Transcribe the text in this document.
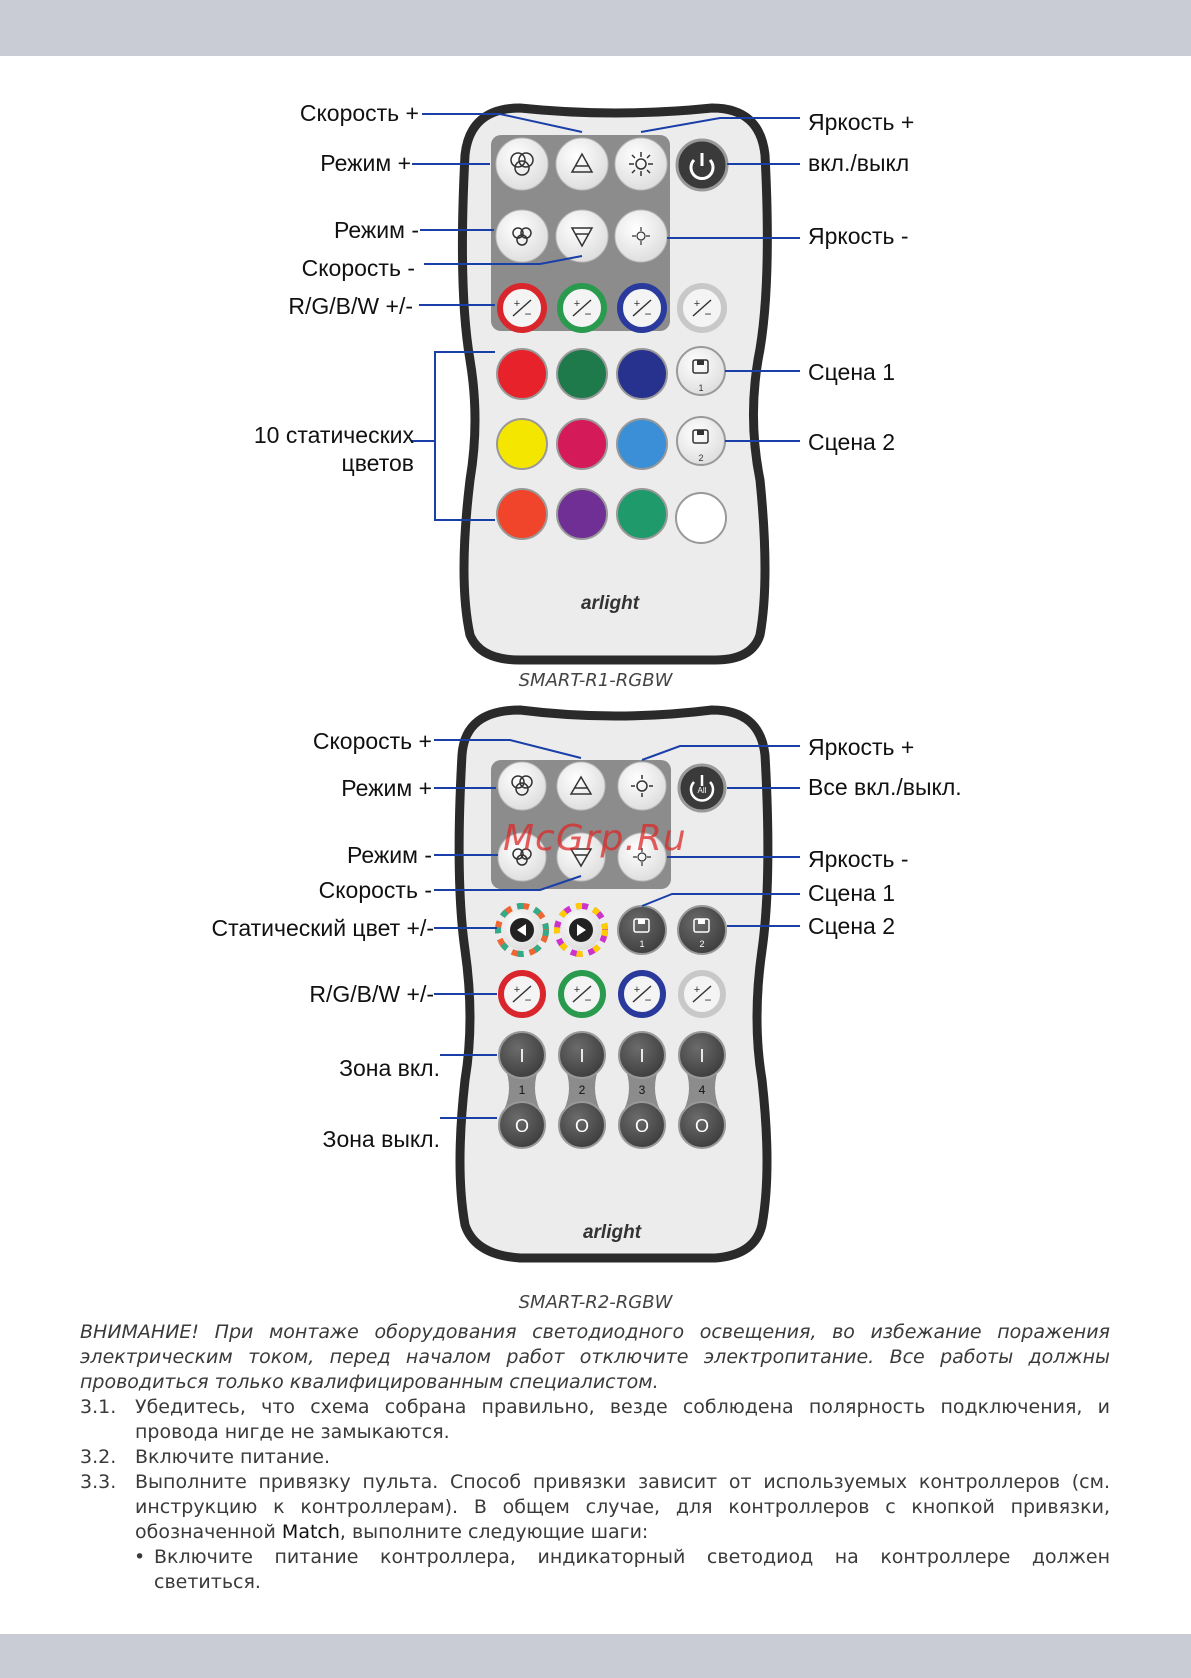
+
−
+
−
+
−
+
−
1
2
arlight
Скорость +
Режим +
Режим -
Скорость -
R/G/B/W +/-
10 статических
цветов
Яркость +
вкл./выкл
Яркость -
Сцена 1
Сцена 2
SMART-R1-RGBW
All
1	2
+
−
+
−
+
−
+
−
I
1
O
I
2
O
I
3
O
I
4
O
arlight
McGrp.Ru
Скорость +
Режим +
Режим -
Скорость -
Статический цвет +/-
R/G/B/W +/-
Зона вкл.
Зона выкл.
Яркость +
Все вкл./выкл.
Яркость -
Сцена 1
Сцена 2
SMART-R2-RGBW

ВНИМАНИЕ! При монтаже оборудования светодиодного освещения, во избежание поражения электрическим током, перед началом работ отключите электропитание. Все работы должны проводиться только квалифицированным специалистом.

3.1. Убедитесь, что схема собрана правильно, везде соблюдена полярность подключения, и провода нигде не замыкаются.
3.2. Включите питание.
3.3. Выполните привязку пульта. Способ привязки зависит от используемых контроллеров (см. инструкцию к контроллерам). В общем случае, для контроллеров с кнопкой привязки, обозначенной Match, выполните следующие шаги:
• Включите питание контроллера, индикаторный светодиод на контроллере должен светиться.
